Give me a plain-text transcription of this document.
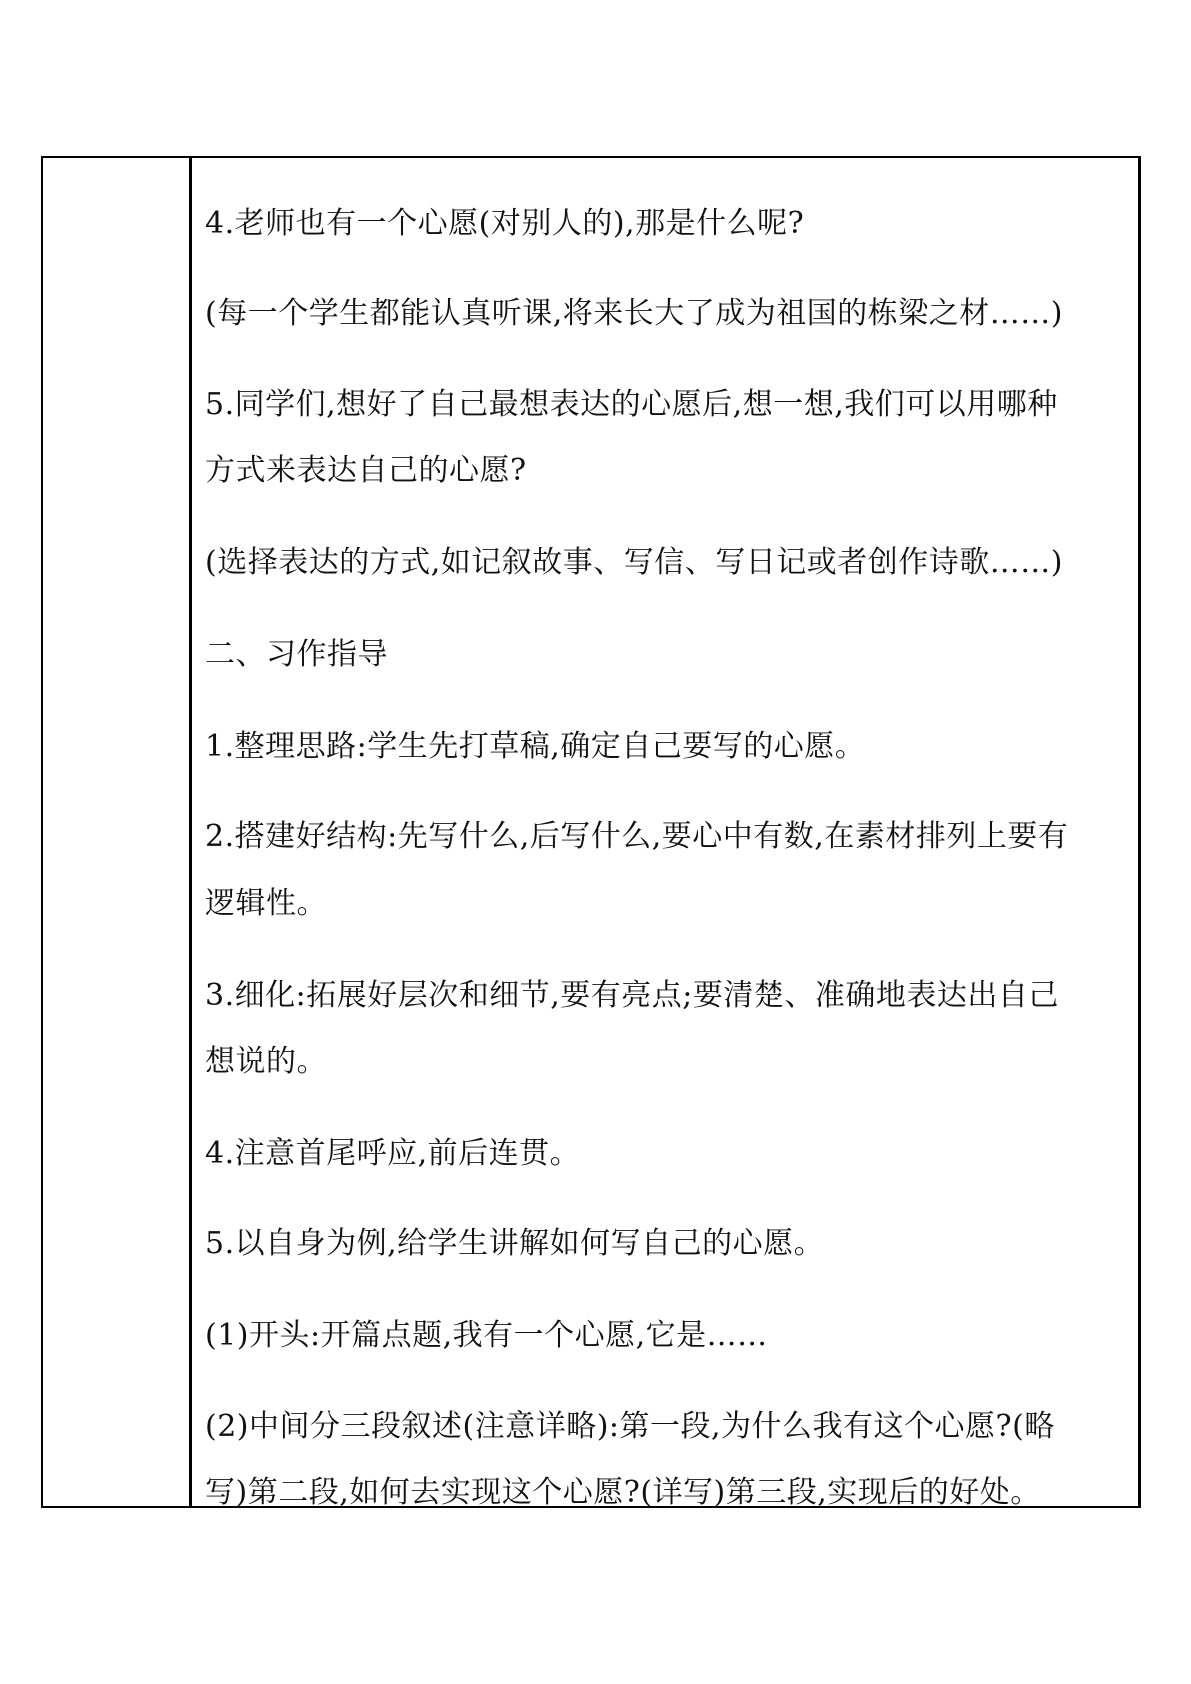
4.老师也有一个心愿(对别人的),那是什么呢?
(每一个学生都能认真听课,将来长大了成为祖国的栋梁之材……)
5.同学们,想好了自己最想表达的心愿后,想一想,我们可以用哪种
方式来表达自己的心愿?
(选择表达的方式,如记叙故事、写信、写日记或者创作诗歌……)
二、习作指导
1.整理思路:学生先打草稿,确定自己要写的心愿。
2.搭建好结构:先写什么,后写什么,要心中有数,在素材排列上要有
逻辑性。
3.细化:拓展好层次和细节,要有亮点;要清楚、准确地表达出自己
想说的。
4.注意首尾呼应,前后连贯。
5.以自身为例,给学生讲解如何写自己的心愿。
(1)开头:开篇点题,我有一个心愿,它是……
(2)中间分三段叙述(注意详略):第一段,为什么我有这个心愿?(略
写)第二段,如何去实现这个心愿?(详写)第三段,实现后的好处。
